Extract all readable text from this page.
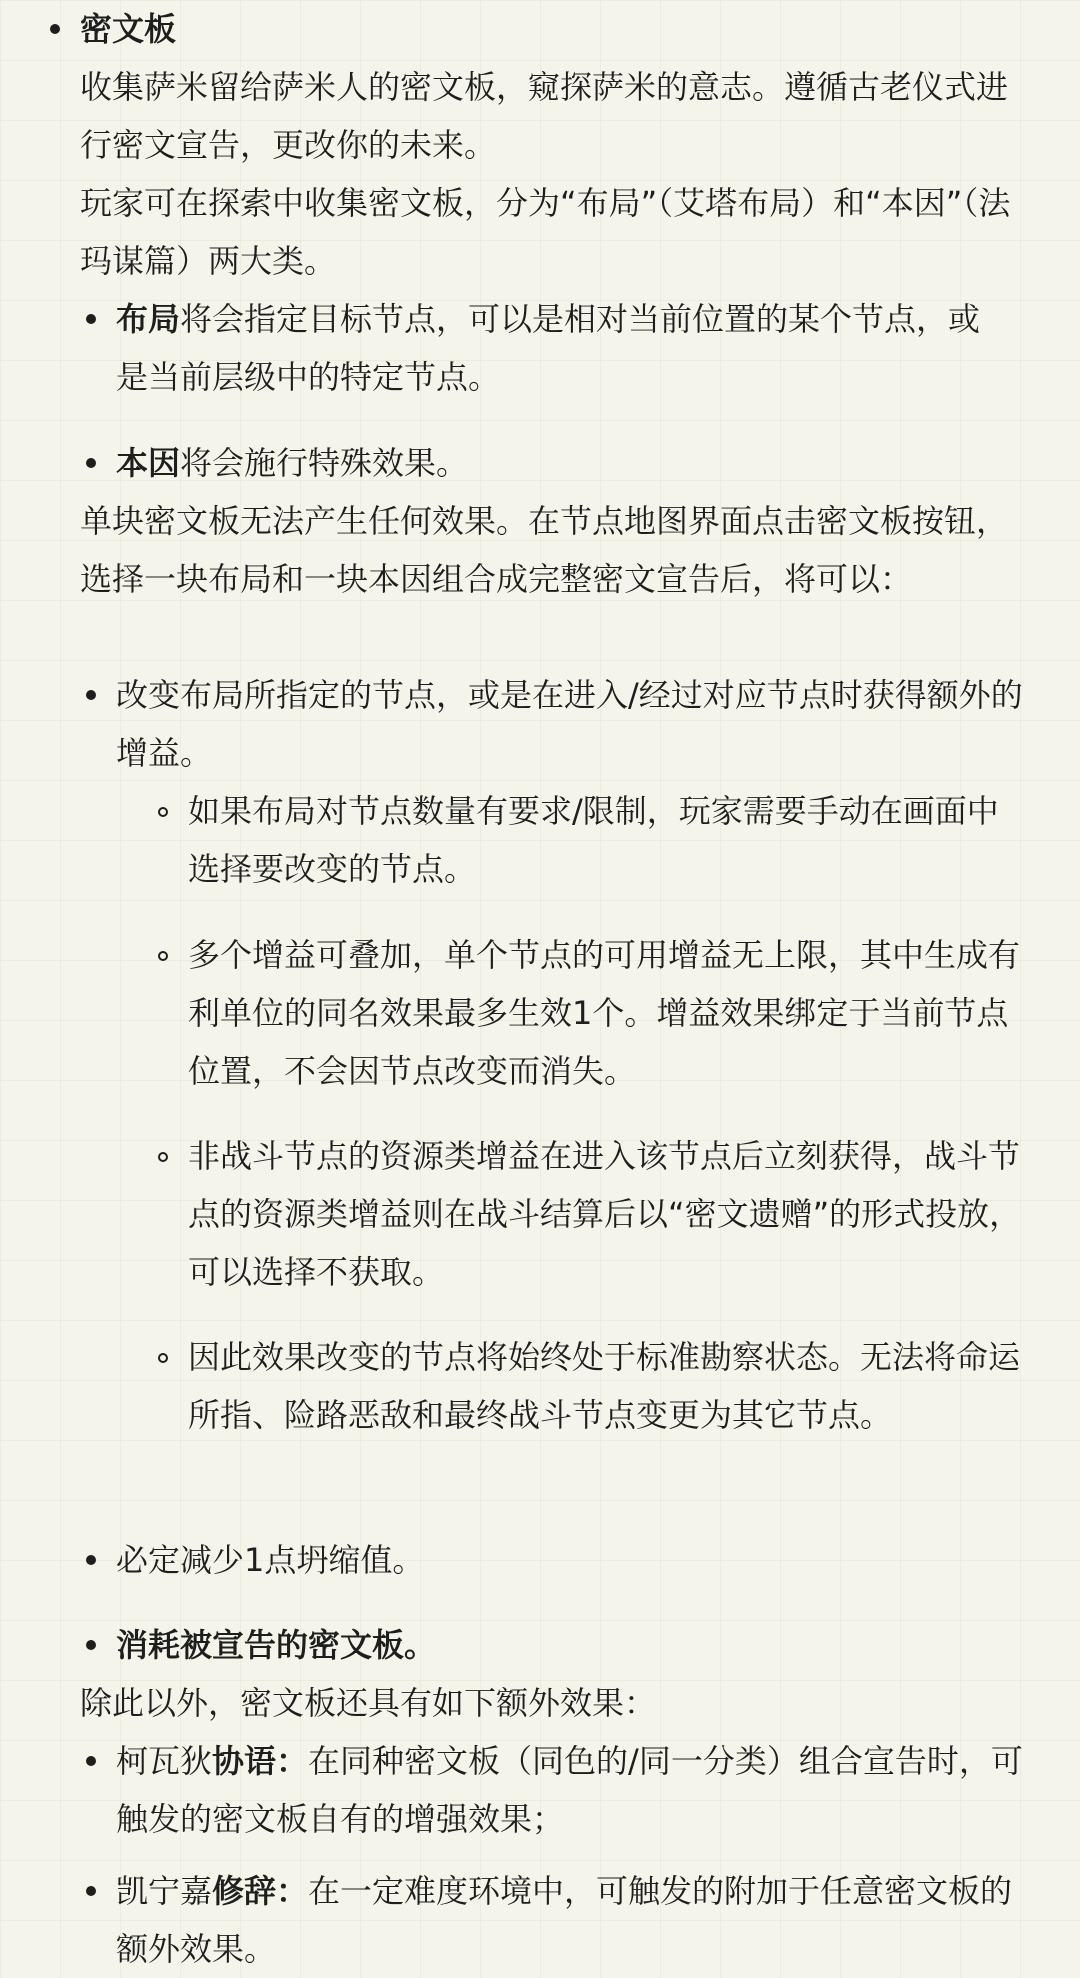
密文板
收集萨米留给萨米人的密文板，窥探萨米的意志。遵循古老仪式进行密文宣告，更改你的未来。
玩家可在探索中收集密文板，分为“布局”（艾塔布局）和“本因”（法玛谋篇）两大类。
布局将会指定目标节点，可以是相对当前位置的某个节点，或是当前层级中的特定节点。
本因将会施行特殊效果。
单块密文板无法产生任何效果。在节点地图界面点击密文板按钮，选择一块布局和一块本因组合成完整密文宣告后，将可以：
改变布局所指定的节点，或是在进入/经过对应节点时获得额外的增益。
如果布局对节点数量有要求/限制，玩家需要手动在画面中选择要改变的节点。
多个增益可叠加，单个节点的可用增益无上限，其中生成有利单位的同名效果最多生效1个。增益效果绑定于当前节点位置，不会因节点改变而消失。
非战斗节点的资源类增益在进入该节点后立刻获得，战斗节点的资源类增益则在战斗结算后以“密文遗赠”的形式投放，可以选择不获取。
因此效果改变的节点将始终处于标准勘察状态。无法将命运所指、险路恶敌和最终战斗节点变更为其它节点。
必定减少1点坍缩值。
消耗被宣告的密文板。
除此以外，密文板还具有如下额外效果：
柯瓦狄协语：在同种密文板（同色的/同一分类）组合宣告时，可触发的密文板自有的增强效果；
凯宁嘉修辞：在一定难度环境中，可触发的附加于任意密文板的额外效果。
